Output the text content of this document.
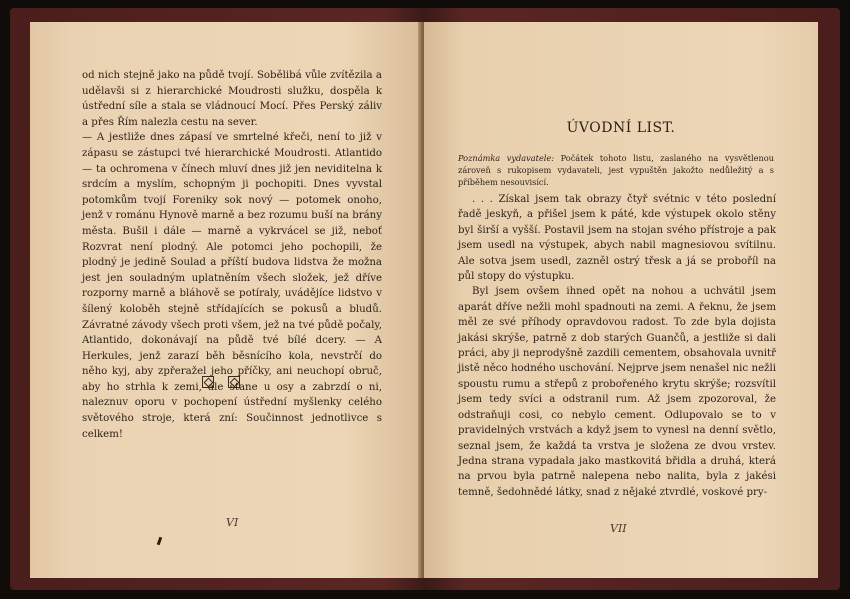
od nich stejně jako na půdě tvojí. Sobělibá vůle zvítězila a udělavši si z hierarchické Moudrosti služku, dospěla k ústřední síle a stala se vládnoucí Mocí. Přes Perský záliv a přes Řím nalezla cestu na sever.

— A jestliže dnes zápasí ve smrtelné křeči, není to již v zápasu se zástupci tvé hierarchické Moudrosti. Atlantido — ta ochromena v čínech mluví dnes již jen neviditelna k srdcím a myslím, schopným ji pochopiti. Dnes vyvstal potomkům tvojí Foreniky sok nový — potomek onoho, jenž v románu Hynově marně a bez rozumu buší na brány města. Bušil i dále — marně a vykrvácel se již, neboť Rozvrat není plodný. Ale potomci jeho pochopili, že plodný je jedině Soulad a příští budova lidstva že možna jest jen souladným uplatněním všech složek, jež dříve rozporny marně a bláhově se potíraly, uvádějíce lidstvo v šílený koloběh stejně střídajících se pokusů a bludů. Závratné závody všech proti všem, jež na tvé půdě počaly, Atlantido, dokonávají na půdě tvé bílé dcery. — A Herkules, jenž zarazí běh běsnícího kola, nevstrčí do něho kyj, aby zpřeražel jeho příčky, ani neuchopí obruč, aby ho strhla k zemi, ale stane u osy a zabrzdí o ni, naleznuv oporu v pochopení ústřední myšlenky celého světového stroje, která zní: Součinnost jednotlivce s celkem!

VI
ÚVODNÍ LIST.
Poznámka vydavatele: Počátek tohoto listu, zaslaného na vysvětlenou zároveň s rukopisem vydavateli, jest vypuštěn jakožto nedůležitý a s příběhem nesouvisící.

. . . Získal jsem tak obrazy čtyř svétnic v této poslední řadě jeskyň, a přišel jsem k páté, kde výstupek okolo stěny byl širší a vyšší. Postavil jsem na stojan svého přístroje a pak jsem usedl na výstupek, abych nabil magnesiovou svítilnu. Ale sotva jsem usedl, zazněl ostrý třesk a já se proboříl na půl stopy do výstupku.

Byl jsem ovšem ihned opět na nohou a uchvátil jsem aparát dříve nežli mohl spadnouti na zemi. A řeknu, že jsem měl ze své příhody opravdovou radost. To zde byla dojista jakási skrýše, patrně z dob starých Guančů, a jestliže si dali práci, aby ji neprodyšně zazdili cementem, obsahovala uvnitř jistě něco hodného uschování. Nejprve jsem nenašel nic nežli spoustu rumu a střepů z probořeného krytu skrýše; rozsvítil jsem tedy svíci a odstranil rum. Až jsem zpozoroval, že odstraňuji cosi, co nebylo cement. Odlupovalo se to v pravidelných vrstvách a když jsem to vynesl na denní světlo, seznal jsem, že každá ta vrstva je složena ze dvou vrstev. Jedna strana vypadala jako mastkovitá břidla a druhá, která na prvou byla patrně nalepena nebo nalita, byla z jakési temně, šedohnědé látky, snad z nějaké ztvrdlé, voskové pry-

VII
